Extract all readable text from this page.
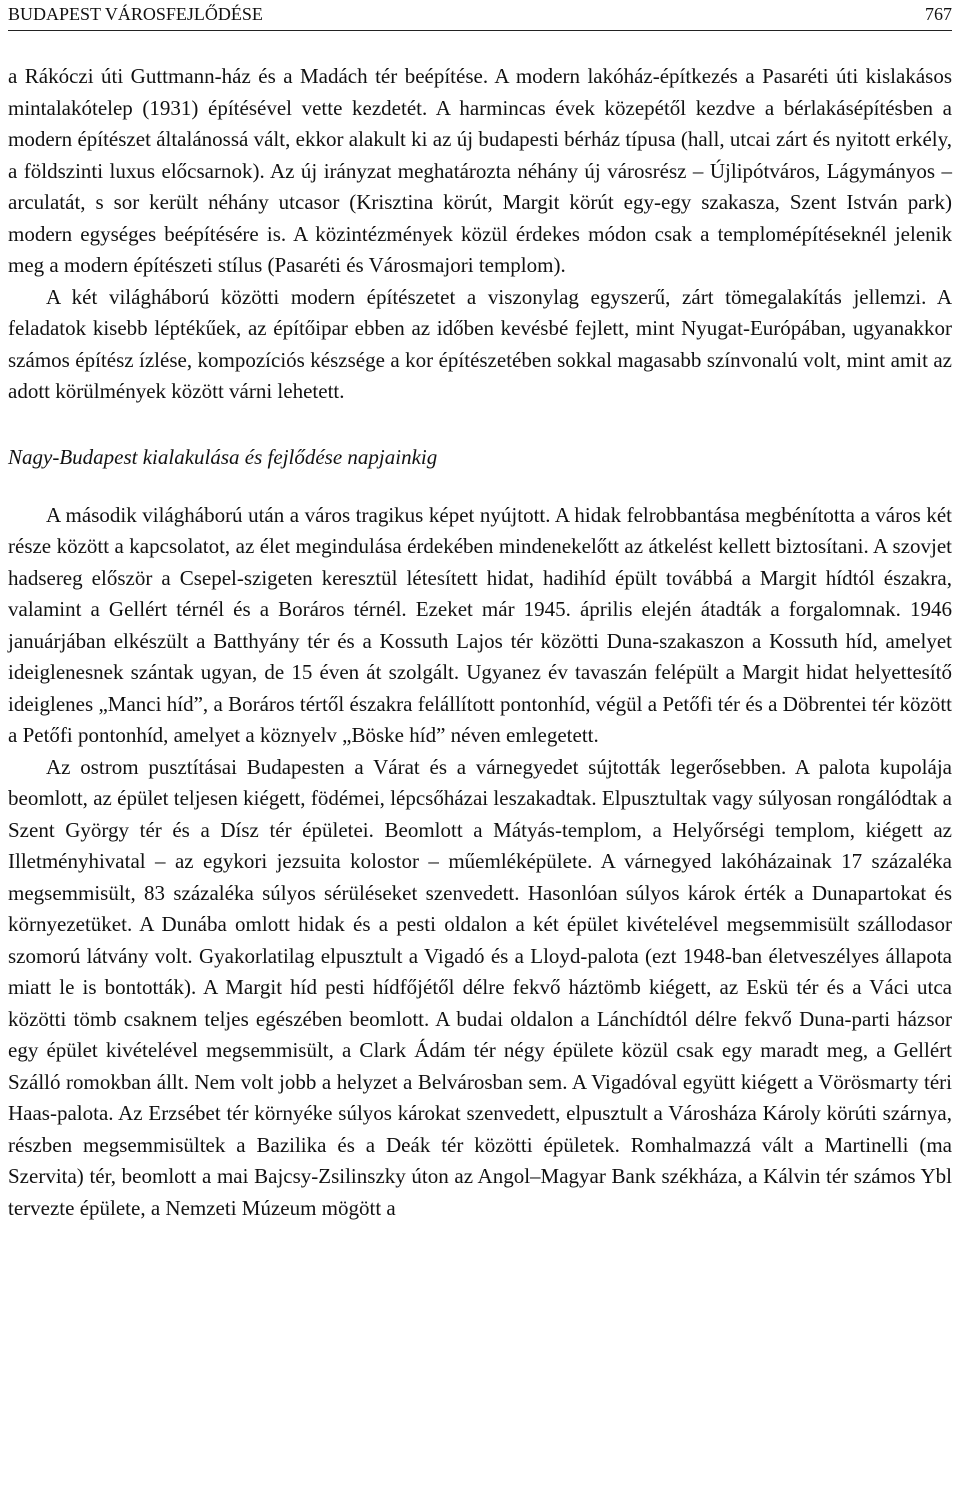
BUDAPEST VÁROSFEJLŐDÉSE	767

a Rákóczi úti Guttmann-ház és a Madách tér beépítése. A modern lakóház-építkezés a Pasaréti úti kislakásos mintalakótelep (1931) építésével vette kezdetét. A harmincas évek közepétől kezdve a bérlakásépítésben a modern építészet általánossá vált, ekkor alakult ki az új budapesti bérház típusa (hall, utcai zárt és nyitott erkély, a földszinti luxus előcsarnok). Az új irányzat meghatározta néhány új városrész – Újlipótváros, Lágymányos – arculatát, s sor került néhány utcasor (Krisztina körút, Margit körút egy-egy szakasza, Szent István park) modern egységes beépítésére is. A közintézmények közül érdekes módon csak a templomépítéseknél jelenik meg a modern építészeti stílus (Pasaréti és Városmajori templom).

A két világháború közötti modern építészetet a viszonylag egyszerű, zárt tömegalakítás jellemzi. A feladatok kisebb léptékűek, az építőipar ebben az időben kevésbé fejlett, mint Nyugat-Európában, ugyanakkor számos építész ízlése, kompozíciós készsége a kor építészetében sokkal magasabb színvonalú volt, mint amit az adott körülmények között várni lehetett.

Nagy-Budapest kialakulása és fejlődése napjainkig

A második világháború után a város tragikus képet nyújtott. A hidak felrobbantása megbénította a város két része között a kapcsolatot, az élet megindulása érdekében mindenekelőtt az átkelést kellett biztosítani. A szovjet hadsereg először a Csepel-szigeten keresztül létesített hidat, hadihíd épült továbbá a Margit hídtól északra, valamint a Gellért térnél és a Boráros térnél. Ezeket már 1945. április elején átadták a forgalomnak. 1946 januárjában elkészült a Batthyány tér és a Kossuth Lajos tér közötti Duna-szakaszon a Kossuth híd, amelyet ideiglenesnek szántak ugyan, de 15 éven át szolgált. Ugyanez év tavaszán felépült a Margit hidat helyettesítő ideiglenes „Manci híd”, a Boráros tértől északra felállított pontonhíd, végül a Petőfi tér és a Döbrentei tér között a Petőfi pontonhíd, amelyet a köznyelv „Böske híd” néven emlegetett.

Az ostrom pusztításai Budapesten a Várat és a várnegyedet sújtották legerősebben. A palota kupolája beomlott, az épület teljesen kiégett, födémei, lépcsőházai leszakadtak. Elpusztultak vagy súlyosan rongálódtak a Szent György tér és a Dísz tér épületei. Beomlott a Mátyás-templom, a Helyőrségi templom, kiégett az Illetményhivatal – az egykori jezsuita kolostor – műemléképülete. A várnegyed lakóházainak 17 százaléka megsemmisült, 83 százaléka súlyos sérüléseket szenvedett. Hasonlóan súlyos károk érték a Dunapartokat és környezetüket. A Dunába omlott hidak és a pesti oldalon a két épület kivételével megsemmisült szállodasor szomorú látvány volt. Gyakorlatilag elpusztult a Vigadó és a Lloyd-palota (ezt 1948-ban életveszélyes állapota miatt le is bontották). A Margit híd pesti hídfőjétől délre fekvő háztömb kiégett, az Eskü tér és a Váci utca közötti tömb csaknem teljes egészében beomlott. A budai oldalon a Lánchídtól délre fekvő Duna-parti házsor egy épület kivételével megsemmisült, a Clark Ádám tér négy épülete közül csak egy maradt meg, a Gellért Szálló romokban állt. Nem volt jobb a helyzet a Belvárosban sem. A Vigadóval együtt kiégett a Vörösmarty téri Haas-palota. Az Erzsébet tér környéke súlyos károkat szenvedett, elpusztult a Városháza Károly körúti szárnya, részben megsemmisültek a Bazilika és a Deák tér közötti épületek. Romhalmazzá vált a Martinelli (ma Szervita) tér, beomlott a mai Bajcsy-Zsilinszky úton az Angol–Magyar Bank székháza, a Kálvin tér számos Ybl tervezte épülete, a Nemzeti Múzeum mögött a
